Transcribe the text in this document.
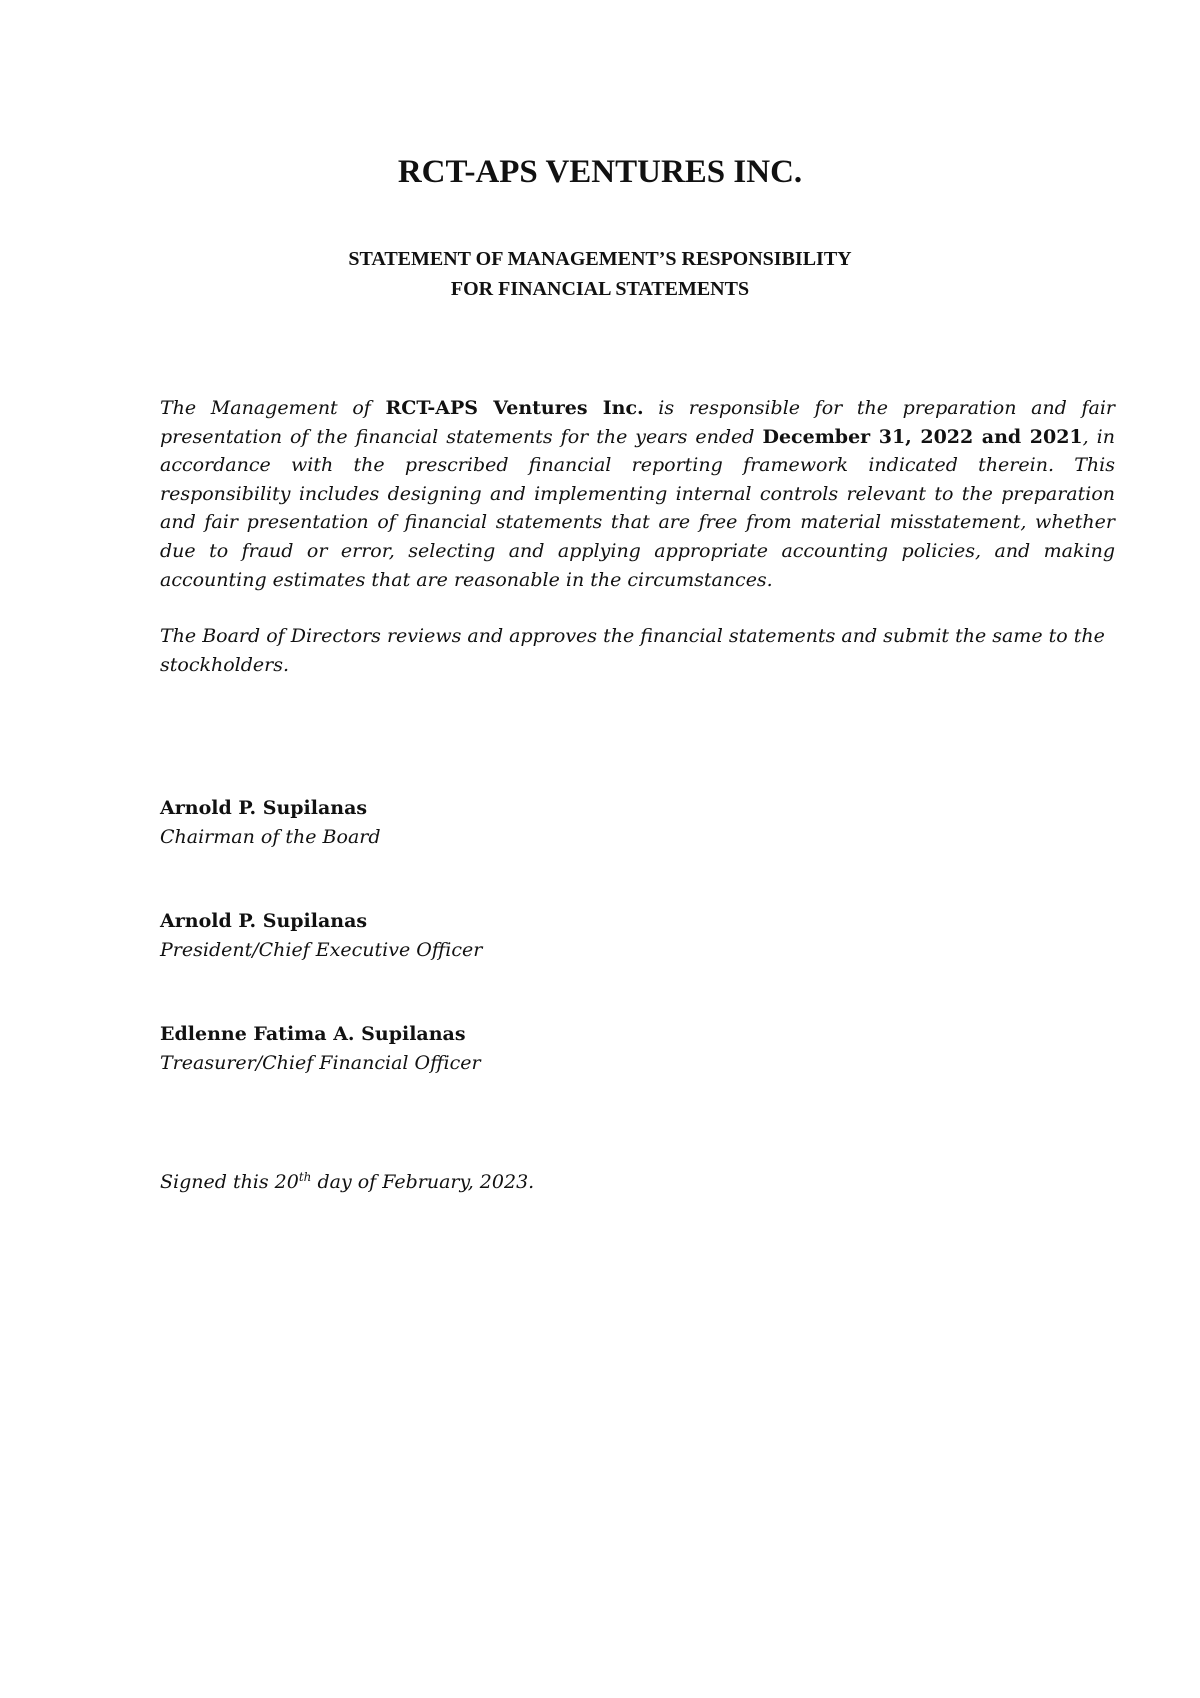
RCT-APS VENTURES INC.
STATEMENT OF MANAGEMENT’S RESPONSIBILITY
FOR FINANCIAL STATEMENTS
The Management of RCT-APS Ventures Inc. is responsible for the preparation and fair presentation of the financial statements for the years ended December 31, 2022 and 2021, in accordance with the prescribed financial reporting framework indicated therein. This responsibility includes designing and implementing internal controls relevant to the preparation and fair presentation of financial statements that are free from material misstatement, whether due to fraud or error, selecting and applying appropriate accounting policies, and making accounting estimates that are reasonable in the circumstances.
The Board of Directors reviews and approves the financial statements and submit the same to the stockholders.
Arnold P. Supilanas
Chairman of the Board
Arnold P. Supilanas
President/Chief Executive Officer
Edlenne Fatima A. Supilanas
Treasurer/Chief Financial Officer
Signed this 20th day of February, 2023.
